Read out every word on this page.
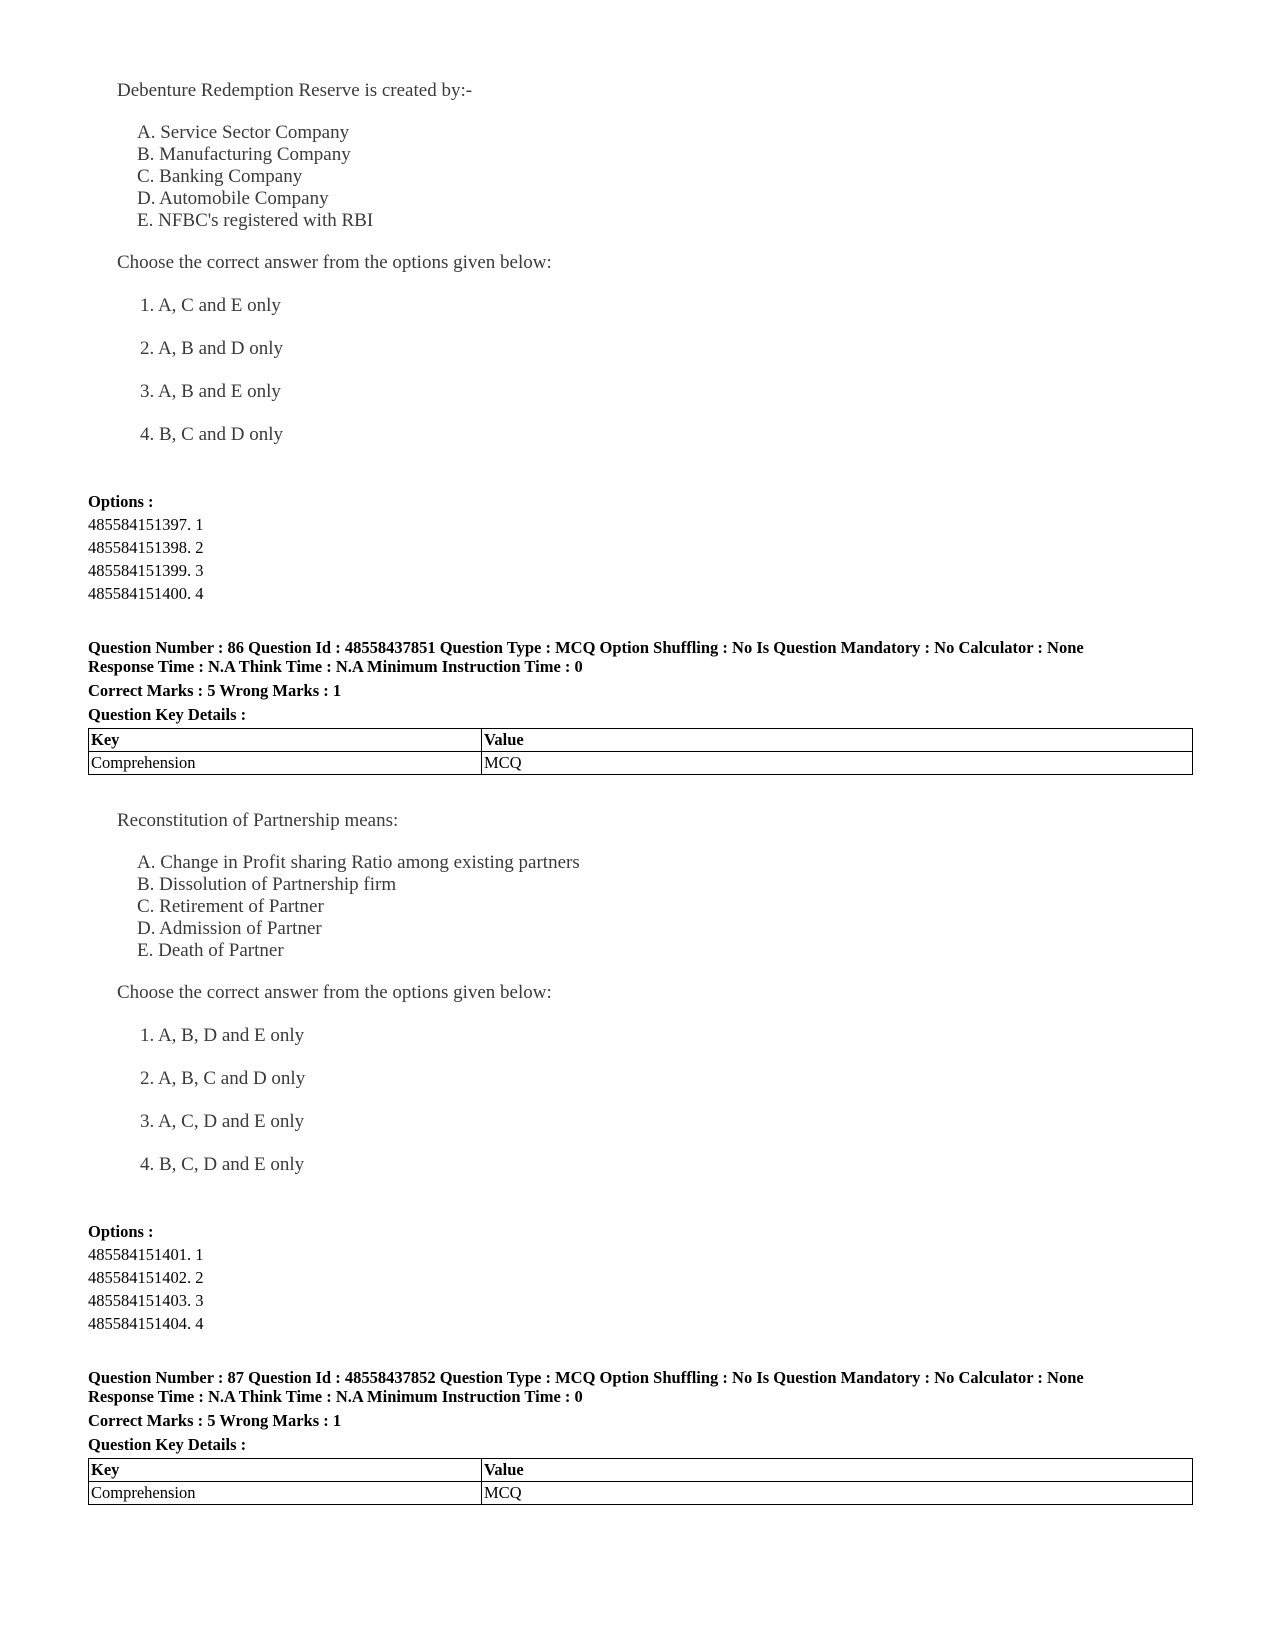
Debenture Redemption Reserve is created by:-
A. Service Sector Company
B. Manufacturing Company
C. Banking Company
D. Automobile Company
E. NFBC's registered with RBI
Choose the correct answer from the options given below:
1. A, C and E only
2. A, B and D only
3. A, B and E only
4. B, C and D only
Options :
485584151397. 1
485584151398. 2
485584151399. 3
485584151400. 4
Question Number : 86 Question Id : 48558437851 Question Type : MCQ Option Shuffling : No Is Question Mandatory : No Calculator : None
Response Time : N.A Think Time : N.A Minimum Instruction Time : 0
Correct Marks : 5 Wrong Marks : 1
Question Key Details :
Key	Value
Comprehension	MCQ
Reconstitution of Partnership means:
A. Change in Profit sharing Ratio among existing partners
B. Dissolution of Partnership firm
C. Retirement of Partner
D. Admission of Partner
E. Death of Partner
Choose the correct answer from the options given below:
1. A, B, D and E only
2. A, B, C and D only
3. A, C, D and E only
4. B, C, D and E only
Options :
485584151401. 1
485584151402. 2
485584151403. 3
485584151404. 4
Question Number : 87 Question Id : 48558437852 Question Type : MCQ Option Shuffling : No Is Question Mandatory : No Calculator : None
Response Time : N.A Think Time : N.A Minimum Instruction Time : 0
Correct Marks : 5 Wrong Marks : 1
Question Key Details :
Key	Value
Comprehension	MCQ
